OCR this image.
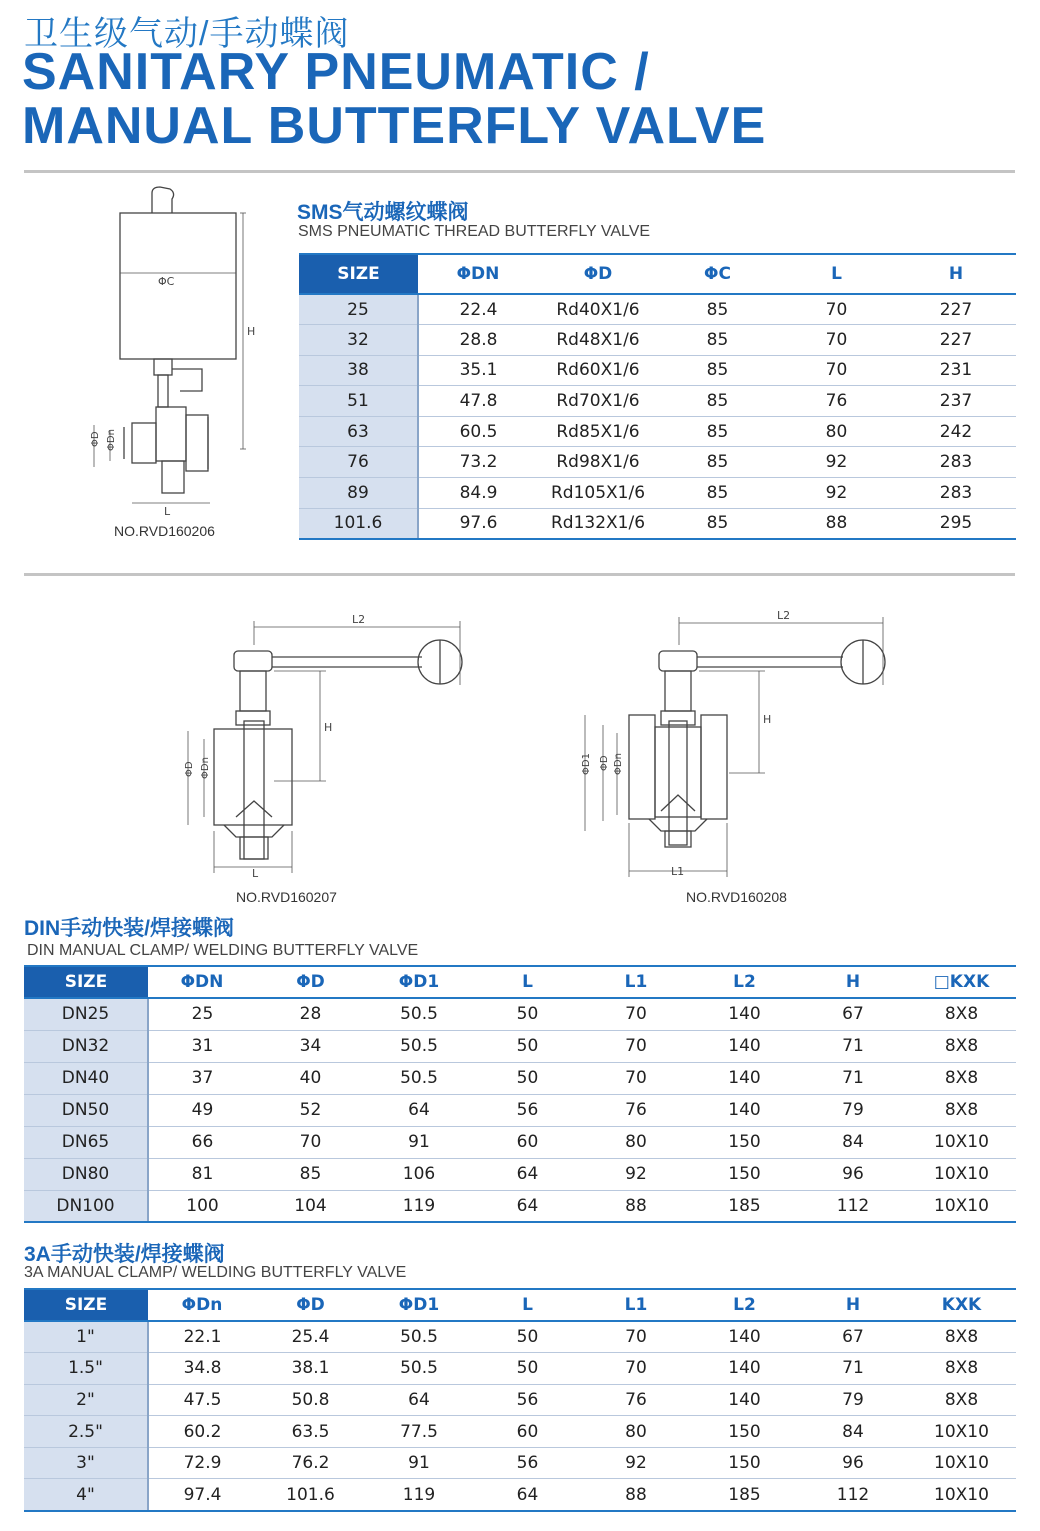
卫生级气动/手动蝶阀
SANITARY PNEUMATIC /
MANUAL BUTTERFLY VALVE
ΦC
H
ΦD ΦDn
L
NO.RVD160206
SMS气动螺纹蝶阀
SMS PNEUMATIC THREAD BUTTERFLY VALVE
SIZE	ΦDN	ΦD	ΦC	L	H
25	22.4	Rd40X1/6	85	70	227
32	28.8	Rd48X1/6	85	70	227
38	35.1	Rd60X1/6	85	70	231
51	47.8	Rd70X1/6	85	76	237
63	60.5	Rd85X1/6	85	80	242
76	73.2	Rd98X1/6	85	92	283
89	84.9	Rd105X1/6	85	92	283
101.6	97.6	Rd132X1/6	85	88	295
L2
H
ΦD ΦDn
L
NO.RVD160207
L2
H
ΦD1 ΦD ΦDn
L1
NO.RVD160208
DIN手动快装/焊接蝶阀
DIN MANUAL CLAMP/ WELDING BUTTERFLY VALVE
SIZE	ΦDN	ΦD	ΦD1	L	L1	L2	H	□KXK
DN25	25	28	50.5	50	70	140	67	8X8
DN32	31	34	50.5	50	70	140	71	8X8
DN40	37	40	50.5	50	70	140	71	8X8
DN50	49	52	64	56	76	140	79	8X8
DN65	66	70	91	60	80	150	84	10X10
DN80	81	85	106	64	92	150	96	10X10
DN100	100	104	119	64	88	185	112	10X10
3A手动快装/焊接蝶阀
3A MANUAL CLAMP/ WELDING BUTTERFLY VALVE
SIZE	ΦDn	ΦD	ΦD1	L	L1	L2	H	KXK
1"	22.1	25.4	50.5	50	70	140	67	8X8
1.5"	34.8	38.1	50.5	50	70	140	71	8X8
2"	47.5	50.8	64	56	76	140	79	8X8
2.5"	60.2	63.5	77.5	60	80	150	84	10X10
3"	72.9	76.2	91	56	92	150	96	10X10
4"	97.4	101.6	119	64	88	185	112	10X10
